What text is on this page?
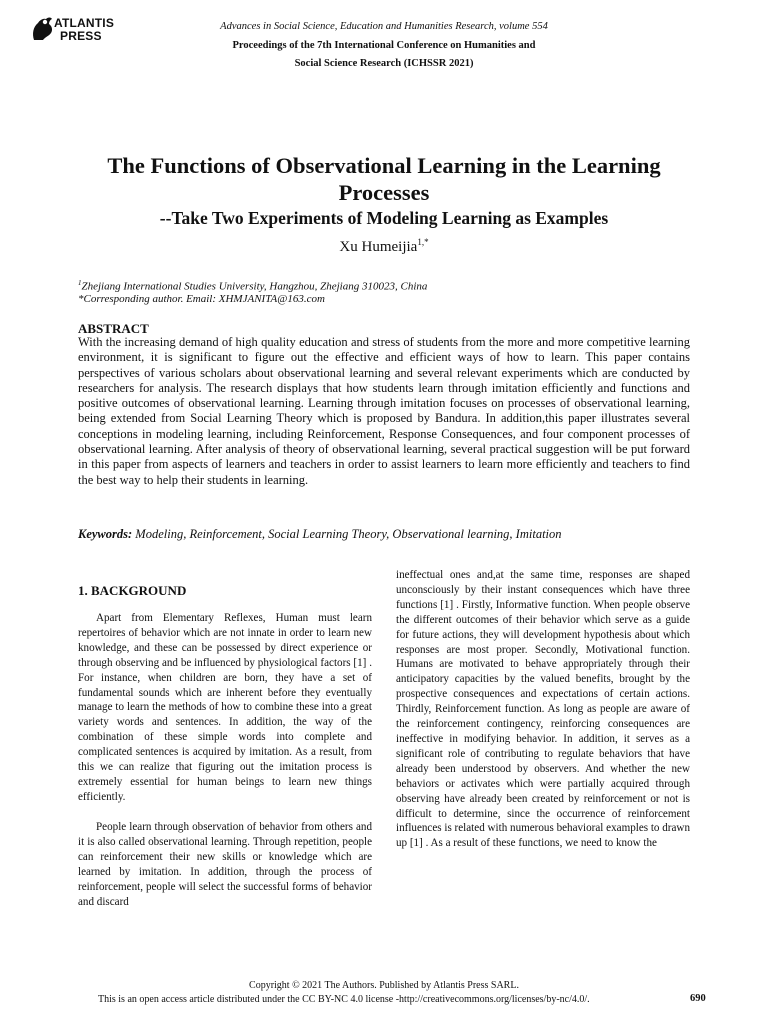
ATLANTIS
PRESS
Advances in Social Science, Education and Humanities Research, volume 554
Proceedings of the 7th International Conference on Humanities and
Social Science Research (ICHSSR 2021)
The Functions of Observational Learning in the Learning Processes
--Take Two Experiments of Modeling Learning as Examples
Xu Humeijia$^{1,*}$
$^1$Zhejiang International Studies University, Hangzhou, Zhejiang 310023, China
*Corresponding author. Email: XHMJANITA@163.com
ABSTRACT
With the increasing demand of high quality education and stress of students from the more and more competitive learning environment, it is significant to figure out the effective and efficient ways of how to learn. This paper contains perspectives of various scholars about observational learning and several relevant experiments which are conducted by researchers for analysis. The research displays that how students learn through imitation efficiently and functions and positive outcomes of observational learning. Learning through imitation focuses on processes of observational learning, being extended from Social Learning Theory which is proposed by Bandura. In addition,this paper illustrates several conceptions in modeling learning, including Reinforcement, Response Consequences, and four component processes of observational learning. After analysis of theory of observational learning, several practical suggestion will be put forward in this paper from aspects of learners and teachers in order to assist learners to learn more efficiently and teachers to find the best way to help their students in learning.
Keywords: Modeling, Reinforcement, Social Learning Theory, Observational learning, Imitation
1. BACKGROUND

Apart from Elementary Reflexes, Human must learn repertoires of behavior which are not innate in order to learn new knowledge, and these can be possessed by direct experience or through observing and be influenced by physiological factors [1] . For instance, when children are born, they have a set of fundamental sounds which are inherent before they eventually manage to learn the methods of how to combine these into a great variety words and sentences. In addition, the way of the combination of these simple words into complete and complicated sentences is acquired by imitation. As a result, from this we can realize that figuring out the imitation process is extremely essential for human beings to learn new things efficiently.

People learn through observation of behavior from others and it is also called observational learning. Through repetition, people can reinforcement their new skills or knowledge which are learned by imitation. In addition, through the process of reinforcement, people will select the successful forms of behavior and discard

ineffectual ones and,at the same time, responses are shaped unconsciously by their instant consequences which have three functions [1] . Firstly, Informative function. When people observe the different outcomes of their behavior which serve as a guide for future actions, they will development hypothesis about which responses are most proper. Secondly, Motivational function. Humans are motivated to behave appropriately through their anticipatory capacities by the valued benefits, brought by the prospective consequences and expectations of certain actions. Thirdly, Reinforcement function. As long as people are aware of the reinforcement contingency, reinforcing consequences are ineffective in modifying behavior. In addition, it serves as a significant role of contributing to regulate behaviors that have already been understood by observers. And whether the new behaviors or activates which were partially acquired through observing have already been created by reinforcement or not is difficult to determine, since the occurrence of reinforcement influences is related with numerous behavioral examples to drawn up [1] . As a result of these functions, we need to know the

Copyright © 2021 The Authors. Published by Atlantis Press SARL.
This is an open access article distributed under the CC BY-NC 4.0 license -http://creativecommons.org/licenses/by-nc/4.0/.	690
